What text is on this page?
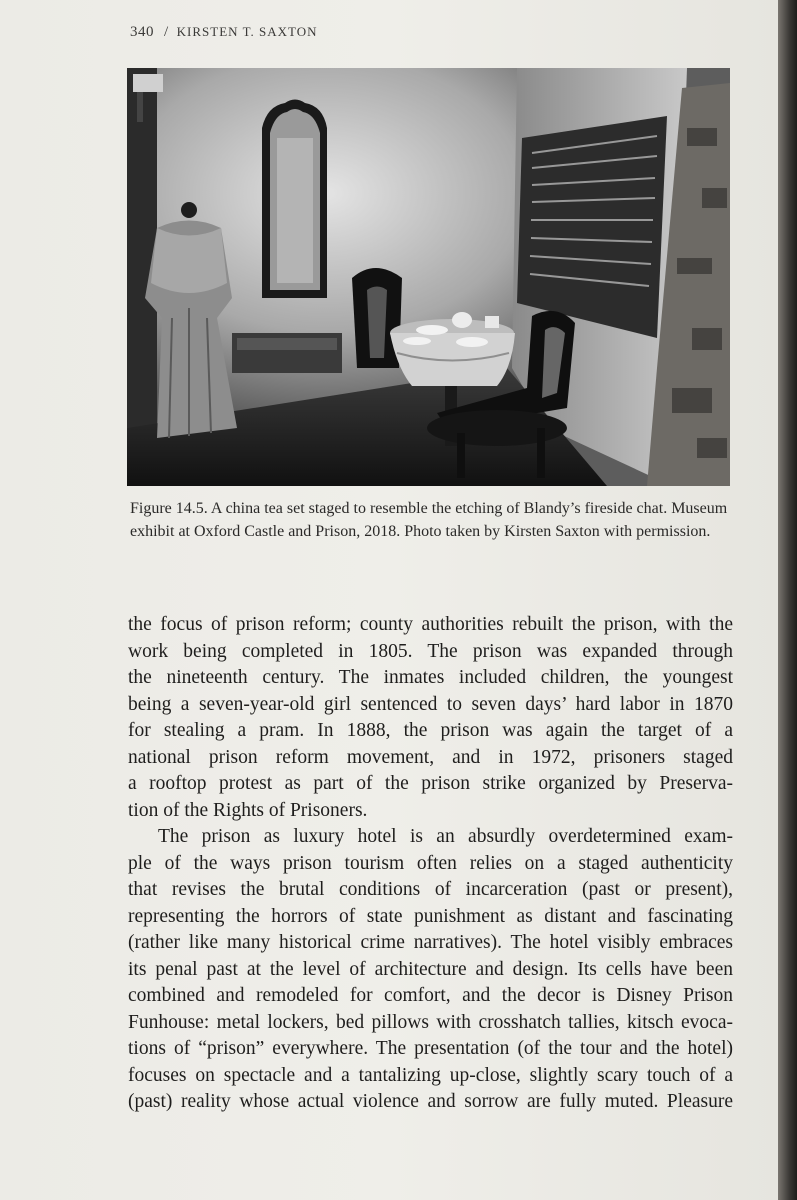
340 / KIRSTEN T. SAXTON
Figure 14.5. A china tea set staged to resemble the etching of Blandy’s fireside chat. Museum exhibit at Oxford Castle and Prison, 2018. Photo taken by Kirsten Saxton with permission.

the focus of prison reform; county authorities rebuilt the prison, with the
work being completed in 1805. The prison was expanded through
the nineteenth century. The inmates included children, the youngest
being a seven-year-old girl sentenced to seven days’ hard labor in 1870
for stealing a pram. In 1888, the prison was again the target of a
national prison reform movement, and in 1972, prisoners staged
a rooftop protest as part of the prison strike organized by Preserva-
tion of the Rights of Prisoners.

The prison as luxury hotel is an absurdly overdetermined exam-
ple of the ways prison tourism often relies on a staged authenticity
that revises the brutal conditions of incarceration (past or present),
representing the horrors of state punishment as distant and fascinating
(rather like many historical crime narratives). The hotel visibly embraces
its penal past at the level of architecture and design. Its cells have been
combined and remodeled for comfort, and the decor is Disney Prison
Funhouse: metal lockers, bed pillows with crosshatch tallies, kitsch evoca-
tions of “prison” everywhere. The presentation (of the tour and the hotel)
focuses on spectacle and a tantalizing up-close, slightly scary touch of a
(past) reality whose actual violence and sorrow are fully muted. Pleasure
